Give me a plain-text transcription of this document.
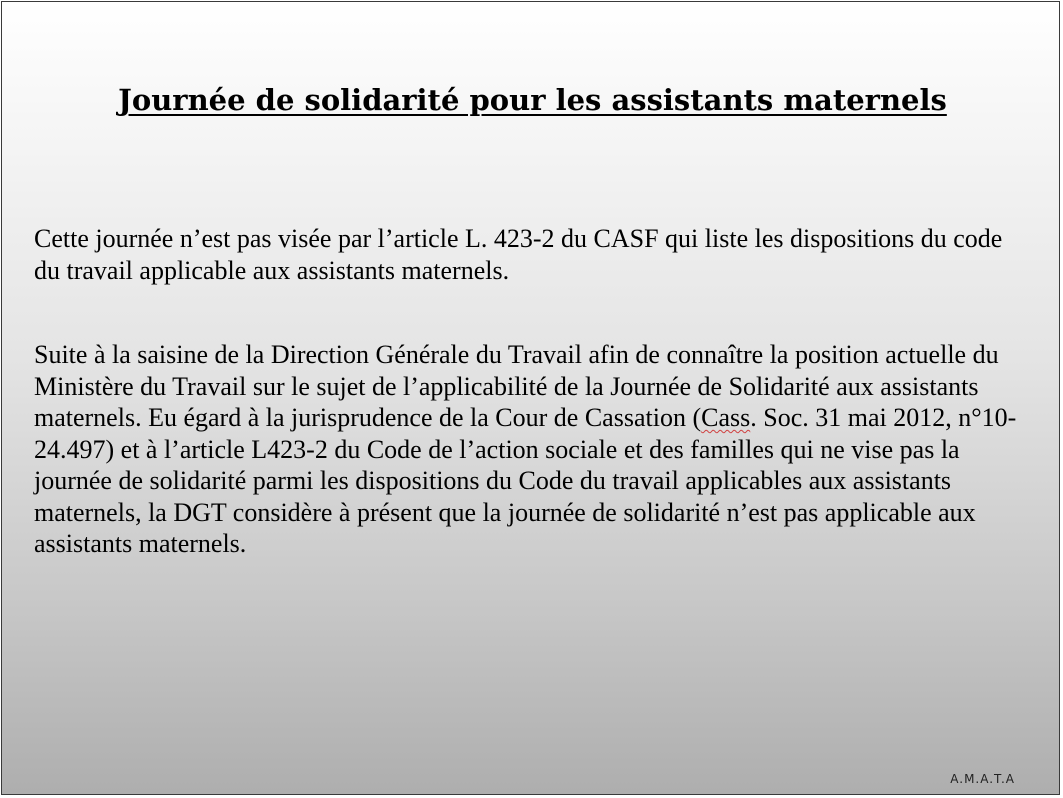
Journée de solidarité pour les assistants maternels

Cette journée n’est pas visée par l’article L. 423-2 du CASF qui liste les dispositions du code du travail applicable aux assistants maternels.

Suite à la saisine de la Direction Générale du Travail afin de connaître la position actuelle du Ministère du Travail sur le sujet de l’applicabilité de la Journée de Solidarité aux assistants maternels. Eu égard à la jurisprudence de la Cour de Cassation (Cass. Soc. 31 mai 2012, n°10-24.497) et à l’article L423-2 du Code de l’action sociale et des familles qui ne vise pas la journée de solidarité parmi les dispositions du Code du travail applicables aux assistants maternels, la DGT considère à présent que la journée de solidarité n’est pas applicable aux assistants maternels.

A.M.A.T.A
